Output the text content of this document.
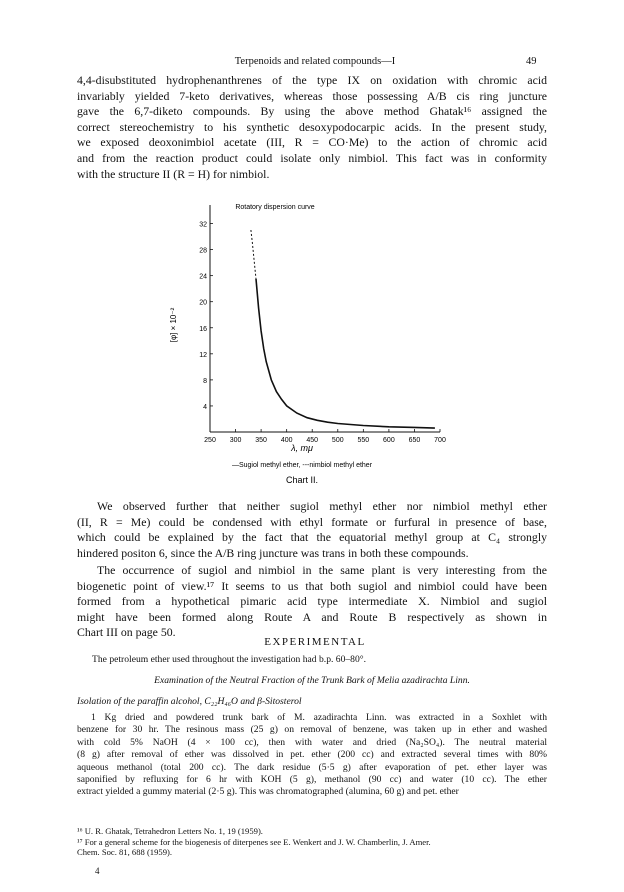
Terpenoids and related compounds—I	49

4,4-disubstituted hydrophenanthrenes of the type IX on oxidation with chromic acid
invariably yielded 7-keto derivatives, whereas those possessing A/B cis ring juncture
gave the 6,7-diketo compounds. By using the above method Ghatak¹⁶ assigned the
correct stereochemistry to his synthetic desoxypodocarpic acids. In the present study,
we exposed deoxonimbiol acetate (III, R = CO·Me) to the action of chromic acid
and from the reaction product could isolate only nimbiol. This fact was in conformity
with the structure II (R = H) for nimbiol.

Rotatory dispersion curve
4
8
12
16
20
24
28
32
250 300 350 400 450 500 550 600 650 700
[φ] × 10⁻²
λ, mμ
—Sugiol methyl ether, ---nimbiol methyl ether
Chart II.

We observed further that neither sugiol methyl ether nor nimbiol methyl ether
(II, R = Me) could be condensed with ethyl formate or furfural in presence of base,
which could be explained by the fact that the equatorial methyl group at C₄ strongly
hindered positon 6, since the A/B ring juncture was trans in both these compounds.

The occurrence of sugiol and nimbiol in the same plant is very interesting from the
biogenetic point of view.¹⁷ It seems to us that both sugiol and nimbiol could have been
formed from a hypothetical pimaric acid type intermediate X. Nimbiol and sugiol
might have been formed along Route A and Route B respectively as shown in
Chart III on page 50.

EXPERIMENTAL
The petroleum ether used throughout the investigation had b.p. 60–80°.
Examination of the Neutral Fraction of the Trunk Bark of Melia azadirachta Linn.
Isolation of the paraffin alcohol, C₂₂H₄₆O and β-Sitosterol

1 Kg dried and powdered trunk bark of M. azadirachta Linn. was extracted in a Soxhlet with
benzene for 30 hr. The resinous mass (25 g) on removal of benzene, was taken up in ether and washed
with cold 5% NaOH (4 × 100 cc), then with water and dried (Na₂SO₄). The neutral material
(8 g) after removal of ether was dissolved in pet. ether (200 cc) and extracted several times with 80%
aqueous methanol (total 200 cc). The dark residue (5·5 g) after evaporation of pet. ether layer was
saponified by refluxing for 6 hr with KOH (5 g), methanol (90 cc) and water (10 cc). The ether
extract yielded a gummy material (2·5 g). This was chromatographed (alumina, 60 g) and pet. ether

¹⁶ U. R. Ghatak, Tetrahedron Letters No. 1, 19 (1959).
¹⁷ For a general scheme for the biogenesis of diterpenes see E. Wenkert and J. W. Chamberlin, J. Amer.
Chem. Soc. 81, 688 (1959).
4
